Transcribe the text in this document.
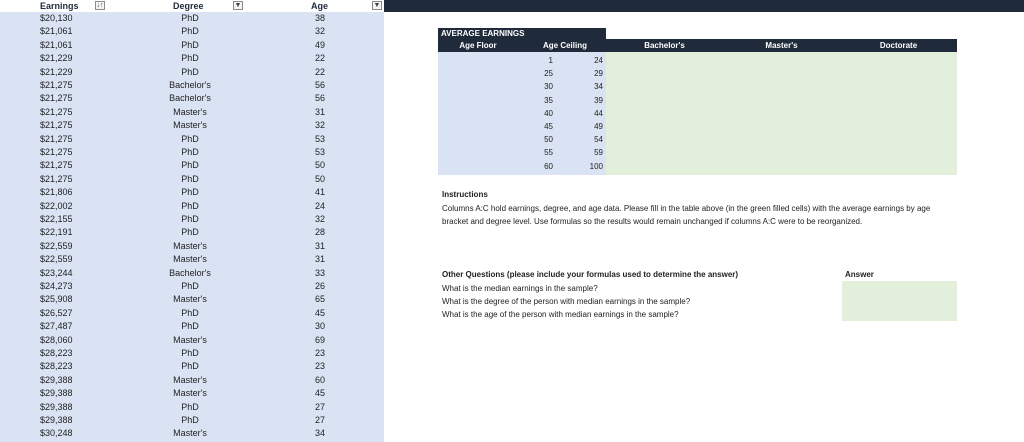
Earnings	↓↑	Degree	▼	Age	▼
$20,130	PhD	38
$21,061	PhD	32
$21,061	PhD	49
$21,229	PhD	22
$21,229	PhD	22
$21,275	Bachelor's	56
$21,275	Bachelor's	56
$21,275	Master's	31
$21,275	Master's	32
$21,275	PhD	53
$21,275	PhD	53
$21,275	PhD	50
$21,275	PhD	50
$21,806	PhD	41
$22,002	PhD	24
$22,155	PhD	32
$22,191	PhD	28
$22,559	Master's	31
$22,559	Master's	31
$23,244	Bachelor's	33
$24,273	PhD	26
$25,908	Master's	65
$26,527	PhD	45
$27,487	PhD	30
$28,060	Master's	69
$28,223	PhD	23
$28,223	PhD	23
$29,388	Master's	60
$29,388	Master's	45
$29,388	PhD	27
$29,388	PhD	27
$30,248	Master's	34
AVERAGE EARNINGS
Age Floor	Age Ceiling	Bachelor's	Master's	Doctorate
1	24
25	29
30	34
35	39
40	44
45	49
50	54
55	59
60	100
Instructions
Columns A:C hold earnings, degree, and age data. Please fill in the table above (in the green filled cells) with the average earnings by age bracket and degree level. Use formulas so the results would remain unchanged if columns A:C were to be reorganized.
Other Questions (please include your formulas used to determine the answer)	Answer
What is the median earnings in the sample?
What is the degree of the person with median earnings in the sample?
What is the age of the person with median earnings in the sample?
